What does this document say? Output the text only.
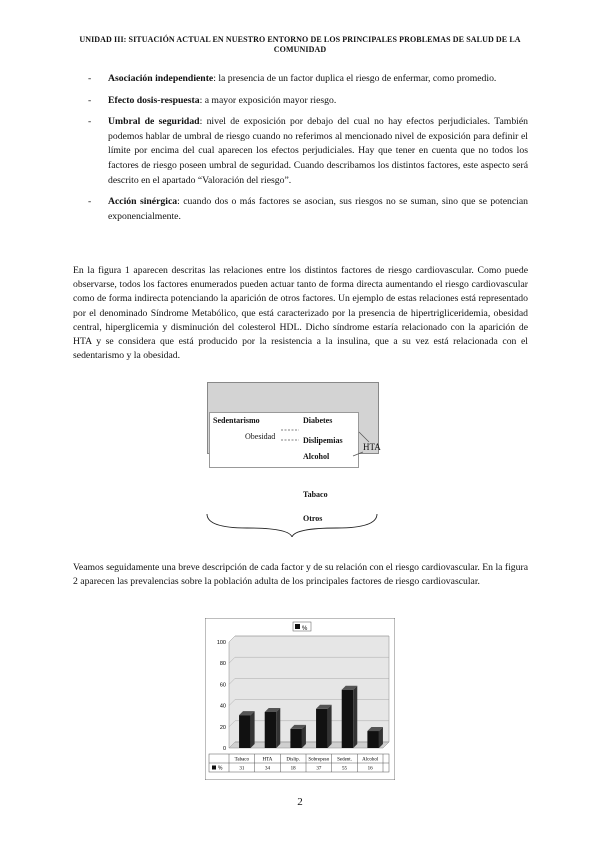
UNIDAD III: SITUACIÓN ACTUAL EN NUESTRO ENTORNO DE LOS PRINCIPALES PROBLEMAS DE SALUD DE LA COMUNIDAD
- Asociación independiente: la presencia de un factor duplica el riesgo de enfermar, como promedio.
- Efecto dosis-respuesta: a mayor exposición mayor riesgo.
- Umbral de seguridad: nivel de exposición por debajo del cual no hay efectos perjudiciales. También podemos hablar de umbral de riesgo cuando no referimos al mencionado nivel de exposición para definir el límite por encima del cual aparecen los efectos perjudiciales. Hay que tener en cuenta que no todos los factores de riesgo poseen umbral de seguridad. Cuando describamos los distintos factores, este aspecto será descrito en el apartado “Valoración del riesgo”.
- Acción sinérgica: cuando dos o más factores se asocian, sus riesgos no se suman, sino que se potencian exponencialmente.

En la figura 1 aparecen descritas las relaciones entre los distintos factores de riesgo cardiovascular. Como puede observarse, todos los factores enumerados pueden actuar tanto de forma directa aumentando el riesgo cardiovascular como de forma indirecta potenciando la aparición de otros factores. Un ejemplo de estas relaciones está representado por el denominado Síndrome Metabólico, que está caracterizado por la presencia de hipertrigliceridemia, obesidad central, hiperglicemia y disminución del colesterol HDL. Dicho síndrome estaría relacionado con la aparición de HTA y se considera que está producido por la resistencia a la insulina, que a su vez está relacionada con el sedentarismo y la obesidad.

Sedentarismo
Obesidad
Diabetes
Dislipemias
Alcohol
HTA
Tabaco
Otros

Veamos seguidamente una breve descripción de cada factor y de su relación con el riesgo cardiovascular. En la figura 2 aparecen las prevalencias sobre la población adulta de los principales factores de riesgo cardiovascular.

%
0
20
40
60
80
100
Tabaco
31
HTA
34
Dislip.
18
Sobrepeso
37
Sedent.
55
Alcohol
16
%
2
